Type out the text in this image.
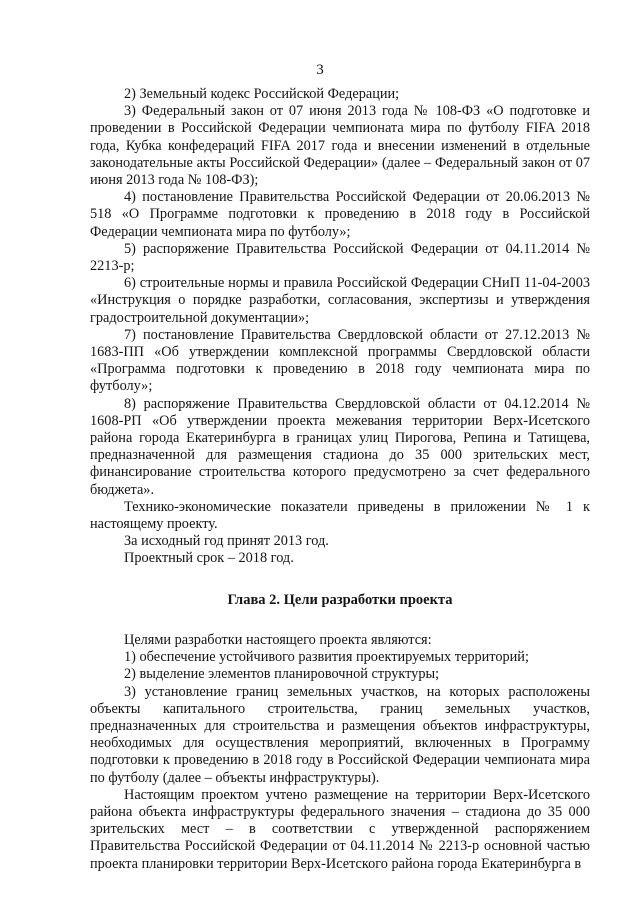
3

2) Земельный кодекс Российской Федерации;

3) Федеральный закон от 07 июня 2013 года № 108-ФЗ «О подготовке и проведении в Российской Федерации чемпионата мира по футболу FIFA 2018 года, Кубка конфедераций FIFA 2017 года и внесении изменений в отдельные законодательные акты Российской Федерации» (далее – Федеральный закон от 07 июня 2013 года № 108-ФЗ);

4) постановление Правительства Российской Федерации от 20.06.2013 № 518 «О Программе подготовки к проведению в 2018 году в Российской Федерации чемпионата мира по футболу»;

5) распоряжение Правительства Российской Федерации от 04.11.2014 № 2213-р;

6) строительные нормы и правила Российской Федерации СНиП 11-04-2003 «Инструкция о порядке разработки, согласования, экспертизы и утверждения градостроительной документации»;

7) постановление Правительства Свердловской области от 27.12.2013 № 1683-ПП «Об утверждении комплексной программы Свердловской области «Программа подготовки к проведению в 2018 году чемпионата мира по футболу»;

8) распоряжение Правительства Свердловской области от 04.12.2014 № 1608-РП «Об утверждении проекта межевания территории Верх-Исетского района города Екатеринбурга в границах улиц Пирогова, Репина и Татищева, предназначенной для размещения стадиона до 35 000 зрительских мест, финансирование строительства которого предусмотрено за счет федерального бюджета».

Технико-экономические показатели приведены в приложении № 1 к настоящему проекту.

За исходный год принят 2013 год.

Проектный срок – 2018 год.

Глава 2. Цели разработки проекта

Целями разработки настоящего проекта являются:

1) обеспечение устойчивого развития проектируемых территорий;

2) выделение элементов планировочной структуры;

3) установление границ земельных участков, на которых расположены объекты капитального строительства, границ земельных участков, предназначенных для строительства и размещения объектов инфраструктуры, необходимых для осуществления мероприятий, включенных в Программу подготовки к проведению в 2018 году в Российской Федерации чемпионата мира по футболу (далее – объекты инфраструктуры).

Настоящим проектом учтено размещение на территории Верх-Исетского района объекта инфраструктуры федерального значения – стадиона до 35 000 зрительских мест – в соответствии с утвержденной распоряжением Правительства Российской Федерации от 04.11.2014 № 2213-р основной частью проекта планировки территории Верх-Исетского района города Екатеринбурга в
